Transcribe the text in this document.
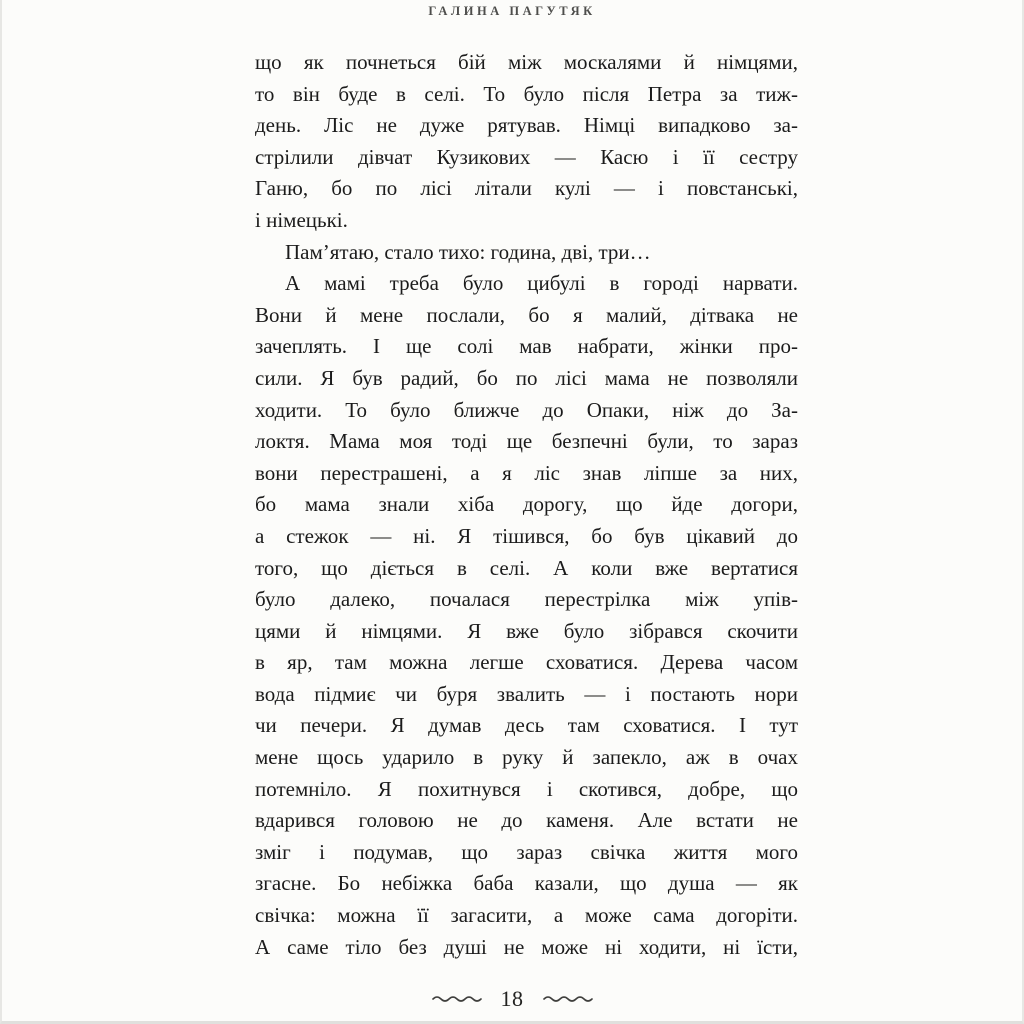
ГАЛИНА ПАГУТЯК
що як почнеться бій між москалями й німцями,
то він буде в селі. То було після Петра за тиж-
день. Ліс не дуже рятував. Німці випадково за-
стрілили дівчат Кузикових — Касю і її сестру
Ганю, бо по лісі літали кулі — і повстанські,
і німецькі.
Пам’ятаю, стало тихо: година, дві, три…
А мамі треба було цибулі в городі нарвати.
Вони й мене послали, бо я малий, дітвака не
зачеплять. І ще солі мав набрати, жінки про-
сили. Я був радий, бо по лісі мама не позволяли
ходити. То було ближче до Опаки, ніж до За-
локтя. Мама моя тоді ще безпечні були, то зараз
вони перестрашені, а я ліс знав ліпше за них,
бо мама знали хіба дорогу, що йде догори,
а стежок — ні. Я тішився, бо був цікавий до
того, що діється в селі. А коли вже вертатися
було далеко, почалася перестрілка між упів-
цями й німцями. Я вже було зібрався скочити
в яр, там можна легше сховатися. Дерева часом
вода підмиє чи буря звалить — і постають нори
чи печери. Я думав десь там сховатися. І тут
мене щось ударило в руку й запекло, аж в очах
потемніло. Я похитнувся і скотився, добре, що
вдарився головою не до каменя. Але встати не
зміг і подумав, що зараз свічка життя мого
згасне. Бо небіжка баба казали, що душа — як
свічка: можна її загасити, а може сама догоріти.
А саме тіло без душі не може ні ходити, ні їсти,
18
